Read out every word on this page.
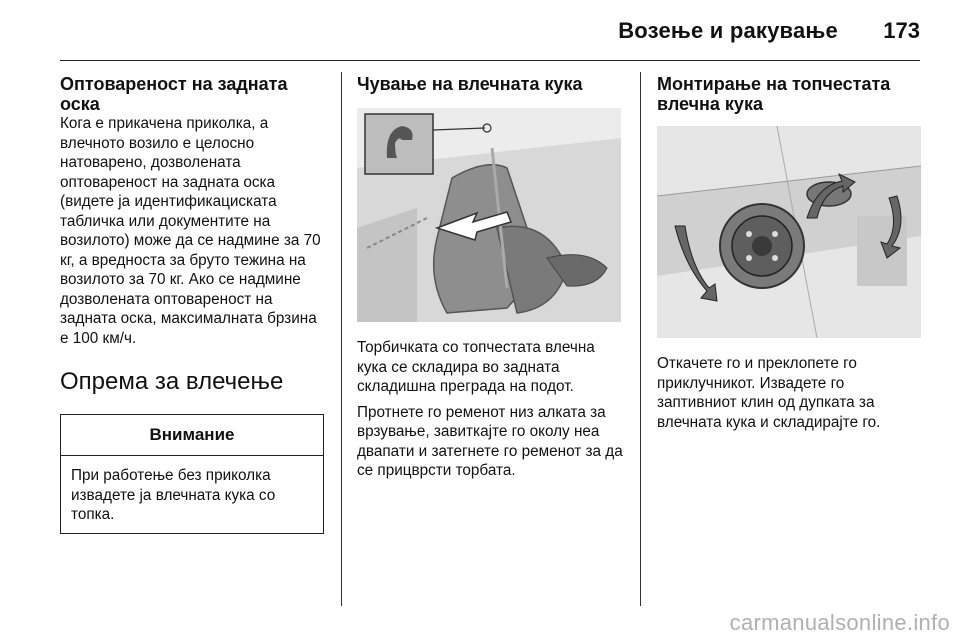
Возење и ракување 173
Оптовареност на задната оска

Кога е прикачена приколка, а влечното возило е целосно натоварено, дозволената оптовареност на задната оска (видете ја идентификациската табличка или документите на возилото) може да се надмине за 70 кг, а вредноста за бруто тежина на возилото за 70 кг. Ако се надмине дозволената оптовареност на задната оска, максималната брзина е 100 км/ч.

Опрема за влечење
Внимание
При работење без приколка извадете ја влечната кука со топка.
Чување на влечната кука

Торбичката со топчестата влечна кука се складира во задната складишна преграда на подот.

Протнете го ременот низ алката за врзување, завиткајте го околу неа двапати и затегнете го ременот за да се прицврсти торбата.

Монтирање на топчестата влечна кука

Откачете го и преклопете го приклучникот. Извадете го заптивниот клин од дупката за влечната кука и складирајте го.

carmanualsonline.info
